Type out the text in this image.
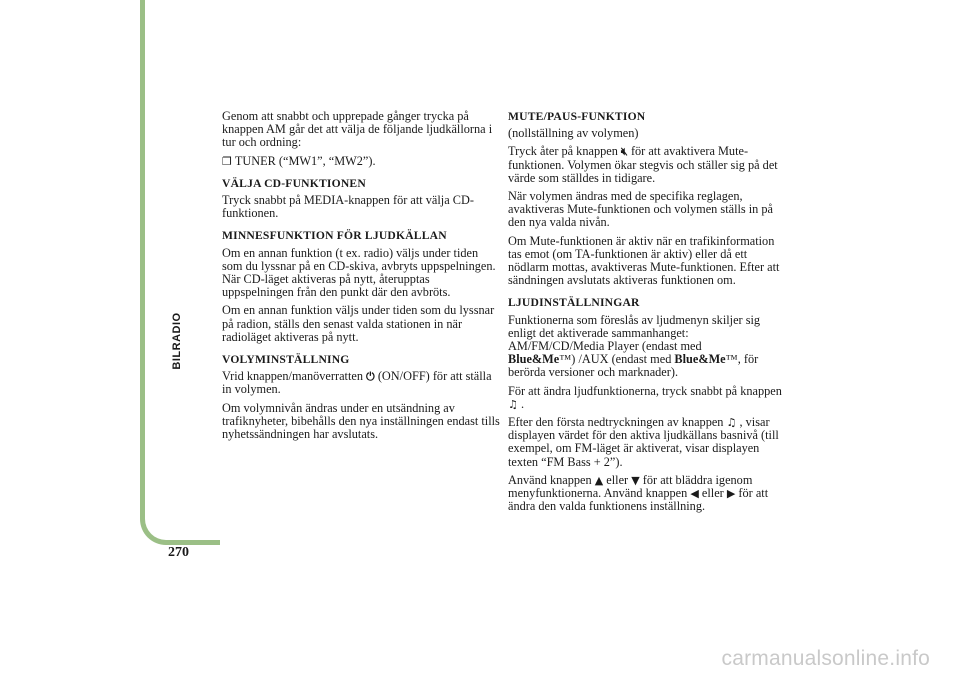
BILRADIO
270

Genom att snabbt och upprepade gånger trycka på knappen AM går det att välja de följande ljudkällorna i tur och ordning:

❐ TUNER (“MW1”, “MW2”).

VÄLJA CD-FUNKTIONEN

Tryck snabbt på MEDIA-knappen för att välja CD-funktionen.

MINNESFUNKTION FÖR LJUDKÄLLAN

Om en annan funktion (t ex. radio) väljs under tiden som du lyssnar på en CD-skiva, avbryts uppspelningen. När CD-läget aktiveras på nytt, återupptas uppspelningen från den punkt där den avbröts.

Om en annan funktion väljs under tiden som du lyssnar på radion, ställs den senast valda stationen in när radioläget aktiveras på nytt.

VOLYMINSTÄLLNING

Vrid knappen/manöverratten ⏻ (ON/OFF) för att ställa in volymen.

Om volymnivån ändras under en utsändning av trafiknyheter, bibehålls den nya inställningen endast tills nyhetssändningen har avslutats.

MUTE/PAUS-FUNKTION

(nollställning av volymen)

Tryck åter på knappen 🔇︎ för att avaktivera Mute-funktionen. Volymen ökar stegvis och ställer sig på det värde som ställdes in tidigare.

När volymen ändras med de specifika reglagen, avaktiveras Mute-funktionen och volymen ställs in på den nya valda nivån.

Om Mute-funktionen är aktiv när en trafikinformation tas emot (om TA-funktionen är aktiv) eller då ett nödlarm mottas, avaktiveras Mute-funktionen. Efter att sändningen avslutats aktiveras funktionen om.

LJUDINSTÄLLNINGAR

Funktionerna som föreslås av ljudmenyn skiljer sig enligt det aktiverade sammanhanget: AM/FM/CD/Media Player (endast med
Blue&Me™) /AUX (endast med Blue&Me™, för berörda versioner och marknader).

För att ändra ljudfunktionerna, tryck snabbt på knappen ♫ .

Efter den första nedtryckningen av knappen ♫ , visar displayen värdet för den aktiva ljudkällans basnivå (till exempel, om FM-läget är aktiverat, visar displayen texten “FM Bass + 2”).

Använd knappen ▲ eller ▼ för att bläddra igenom menyfunktionerna. Använd knappen ◀ eller ▶ för att ändra den valda funktionens inställning.

carmanualsonline.info
